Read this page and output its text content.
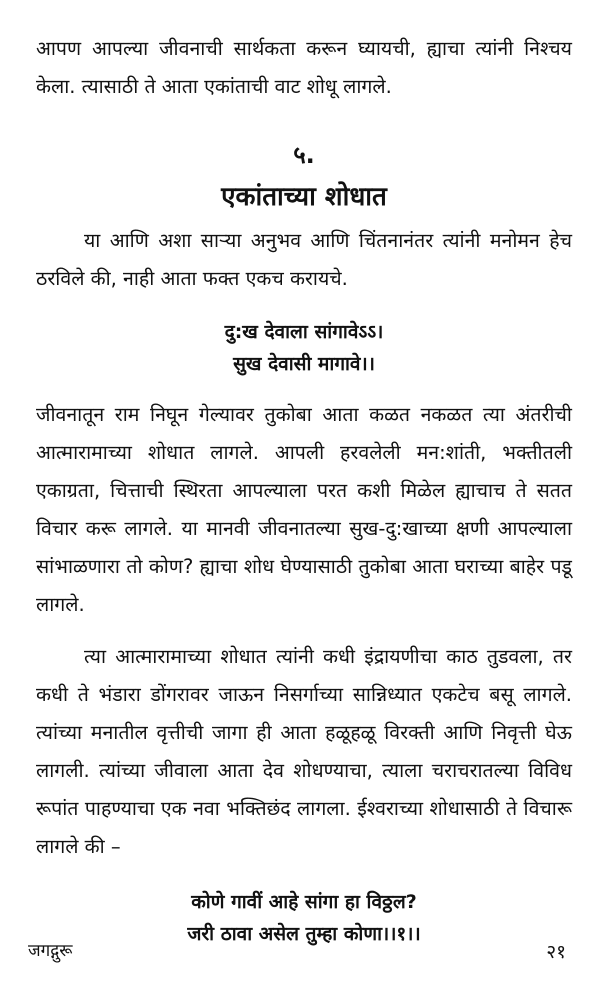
आपण आपल्या जीवनाची सार्थकता करून घ्यायची, ह्याचा त्यांनी निश्चय केला. त्यासाठी ते आता एकांताची वाट शोधू लागले.

५.
एकांताच्या शोधात

या आणि अशा साऱ्या अनुभव आणि चिंतनानंतर त्यांनी मनोमन हेच ठरविले की, नाही आता फक्त एकच करायचे.

दु:ख देवाला सांगावेऽऽ।

सुख देवासी मागावे।।

जीवनातून राम निघून गेल्यावर तुकोबा आता कळत नकळत त्या अंतरीची आत्मारामाच्या शोधात लागले. आपली हरवलेली मन:शांती, भक्तीतली एकाग्रता, चित्ताची स्थिरता आपल्याला परत कशी मिळेल ह्याचाच ते सतत विचार करू लागले. या मानवी जीवनातल्या सुख-दु:खाच्या क्षणी आपल्याला सांभाळणारा तो कोण? ह्याचा शोध घेण्यासाठी तुकोबा आता घराच्या बाहेर पडू लागले.

त्या आत्मारामाच्या शोधात त्यांनी कधी इंद्रायणीचा काठ तुडवला, तर कधी ते भंडारा डोंगरावर जाऊन निसर्गाच्या सान्निध्यात एकटेच बसू लागले. त्यांच्या मनातील वृत्तीची जागा ही आता हळूहळू विरक्ती आणि निवृत्ती घेऊ लागली. त्यांच्या जीवाला आता देव शोधण्याचा, त्याला चराचरातल्या विविध रूपांत पाहण्याचा एक नवा भक्तिछंद लागला. ईश्वराच्या शोधासाठी ते विचारू लागले की –

कोणे गावीं आहे सांगा हा विठ्ठल?

जरी ठावा असेल तुम्हा कोणा।।१।।

जगद्गुरू	२१
